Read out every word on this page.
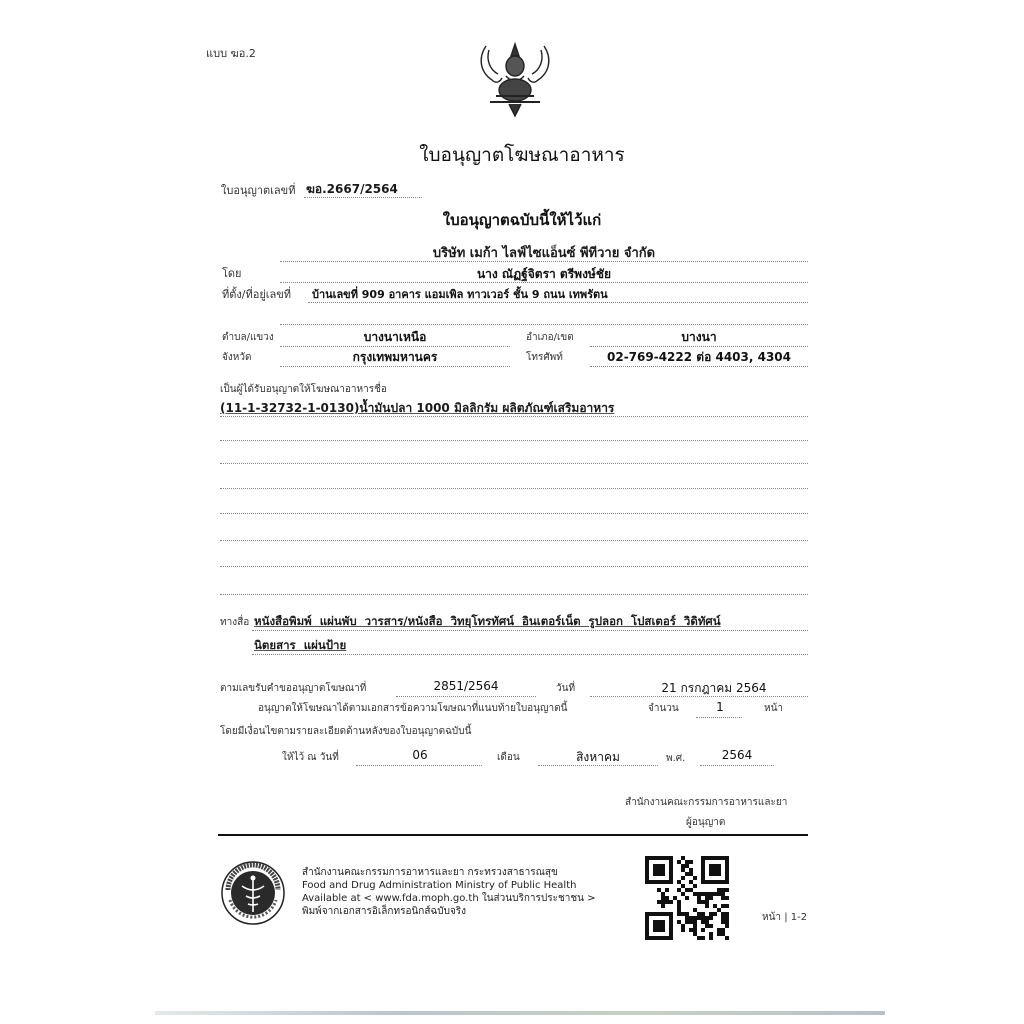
แบบ ฆอ.2
ใบอนุญาตโฆษณาอาหาร
ใบอนุญาตเลขที่ ฆอ.2667/2564
ใบอนุญาตฉบับนี้ให้ไว้แก่
บริษัท เมก้า ไลฟ์ไซแอ็นซ์ พีทีวาย จำกัด
โดย	นาง ณัฏฐ์จิตรา ตรีพงษ์ชัย
ที่ตั้ง/ที่อยู่เลขที่ บ้านเลขที่ 909 อาคาร แอมเพิล ทาวเวอร์ ชั้น 9 ถนน เทพรัตน
ตำบล/แขวง	บางนาเหนือ	อำเภอ/เขต	บางนา
จังหวัด	กรุงเทพมหานคร	โทรศัพท์	02-769-4222 ต่อ 4403, 4304
เป็นผู้ได้รับอนุญาตให้โฆษณาอาหารชื่อ
(11-1-32732-1-0130)น้ำมันปลา 1000 มิลลิกรัม ผลิตภัณฑ์เสริมอาหาร
ทางสื่อ หนังสือพิมพ์  แผ่นพับ  วารสาร/หนังสือ  วิทยุโทรทัศน์  อินเตอร์เน็ต  รูปลอก  โปสเตอร์  วิดิทัศน์
นิตยสาร  แผ่นป้าย
ตามเลขรับคำขออนุญาตโฆษณาที่	2851/2564	วันที่	21 กรกฎาคม 2564
อนุญาตให้โฆษณาได้ตามเอกสารข้อความโฆษณาที่แนบท้ายใบอนุญาตนี้	จำนวน	1	หน้า
โดยมีเงื่อนไขตามรายละเอียดด้านหลังของใบอนุญาตฉบับนี้
ให้ไว้ ณ วันที่	06	เดือน	สิงหาคม	พ.ศ.	2564
สำนักงานคณะกรรมการอาหารและยา
ผู้อนุญาต
สำนักงานคณะกรรมการอาหารและยา กระทรวงสาธารณสุข
Food and Drug Administration Ministry of Public Health
Available at < www.fda.moph.go.th ในส่วนบริการประชาชน >
พิมพ์จากเอกสารอิเล็กทรอนิกส์ฉบับจริง
หน้า | 1-2
